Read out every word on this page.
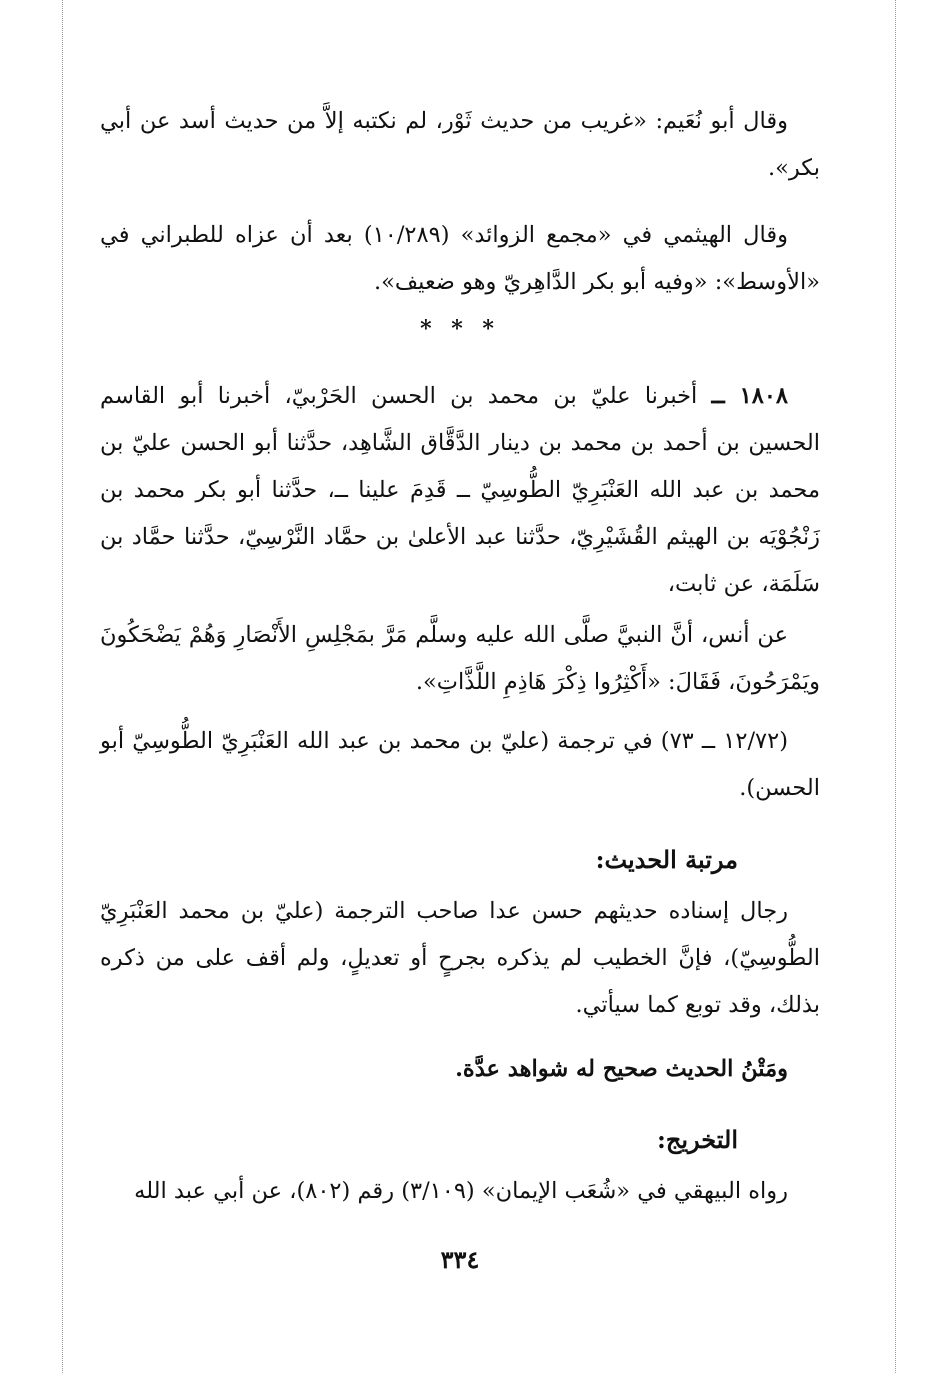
وقال أبو نُعَيم: «غريب من حديث ثَوْر، لم نكتبه إلاَّ من حديث أسد عن أبي بكر».

وقال الهيثمي في «مجمع الزوائد» (١٠/٢٨٩) بعد أن عزاه للطبراني في «الأوسط»: «وفيه أبو بكر الدَّاهِريّ وهو ضعيف».

* * *

١٨٠٨ ــ أخبرنا عليّ بن محمد بن الحسن الحَرْبيّ، أخبرنا أبو القاسم الحسين بن أحمد بن محمد بن دينار الدَّقَّاق الشَّاهِد، حدَّثنا أبو الحسن عليّ بن محمد بن عبد الله العَنْبَرِيّ الطُّوسِيّ ــ قَدِمَ علينا ــ، حدَّثنا أبو بكر محمد بن زَنْجُوْيَه بن الهيثم القُشَيْرِيّ، حدَّثنا عبد الأعلىٰ بن حمَّاد النَّرْسِيّ، حدَّثنا حمَّاد بن سَلَمَة، عن ثابت،

عن أنس، أنَّ النبيَّ صلَّى الله عليه وسلَّم مَرَّ بمَجْلِسِ الأَنْصَارِ وَهُمْ يَضْحَكُونَ ويَمْرَحُونَ، فَقَالَ: «أَكْثِرُوا ذِكْرَ هَاذِمِ اللَّذَّاتِ».

(١٢/٧٢ ــ ٧٣) في ترجمة (عليّ بن محمد بن عبد الله العَنْبَرِيّ الطُّوسِيّ أبو الحسن).

مرتبة الحديث:

رجال إسناده حديثهم حسن عدا صاحب الترجمة (عليّ بن محمد العَنْبَرِيّ الطُّوسِيّ)، فإنَّ الخطيب لم يذكره بجرحٍ أو تعديلٍ، ولم أقف على من ذكره بذلك، وقد توبع كما سيأتي.

ومَتْنُ الحديث صحيح له شواهد عدَّة.

التخريج:

رواه البيهقي في «شُعَب الإيمان» (٣/١٠٩) رقم (٨٠٢)، عن أبي عبد الله

٣٣٤
